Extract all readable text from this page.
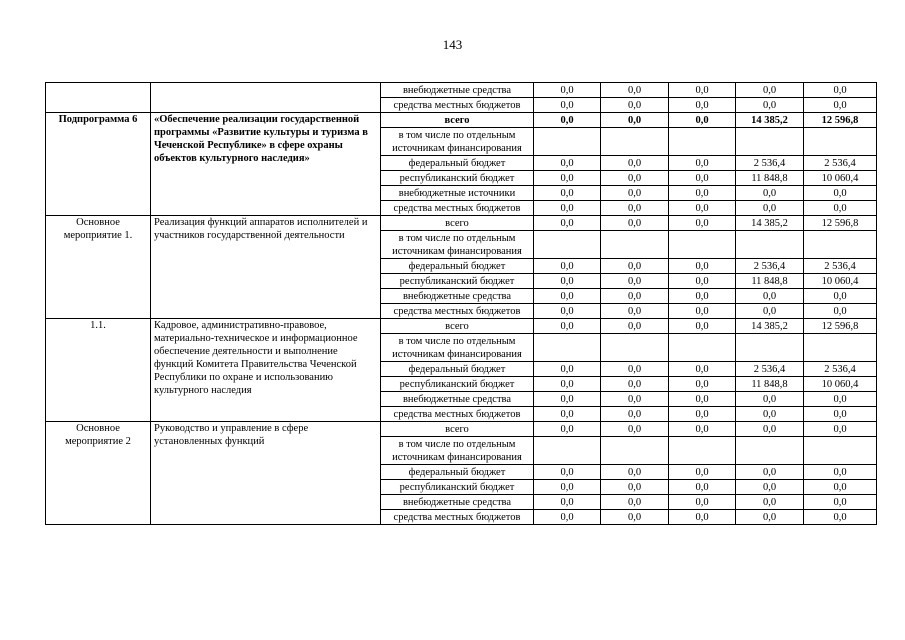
143
		внебюджетные средства	0,0	0,0	0,0	0,0	0,0
		средства местных бюджетов	0,0	0,0	0,0	0,0	0,0
Подпрограмма 6	«Обеспечение реализации государственной программы «Развитие культуры и туризма в Чеченской Республике» в сфере охраны объектов культурного наследия»	всего	0,0	0,0	0,0	14 385,2	12 596,8

		в том числе по отдельным
источникам финансирования					

		федеральный бюджет	0,0	0,0	0,0	2 536,4	2 536,4
		республиканский бюджет	0,0	0,0	0,0	11 848,8	10 060,4
		внебюджетные источники	0,0	0,0	0,0	0,0	0,0
		средства местных бюджетов	0,0	0,0	0,0	0,0	0,0

Основное
мероприятие 1.	Реализация функций аппаратов исполнителей и участников государственной деятельности	всего	0,0	0,0	0,0	14 385,2	12 596,8

		в том числе по отдельным
источникам финансирования					

		федеральный бюджет	0,0	0,0	0,0	2 536,4	2 536,4
		республиканский бюджет	0,0	0,0	0,0	11 848,8	10 060,4
		внебюджетные средства	0,0	0,0	0,0	0,0	0,0
		средства местных бюджетов	0,0	0,0	0,0	0,0	0,0
1.1.	Кадровое, административно-правовое, материально-техническое и информационное обеспечение деятельности и выполнение функций Комитета Правительства Чеченской Республики по охране и использованию культурного наследия	всего	0,0	0,0	0,0	14 385,2	12 596,8

		в том числе по отдельным
источникам финансирования					

		федеральный бюджет	0,0	0,0	0,0	2 536,4	2 536,4
		республиканский бюджет	0,0	0,0	0,0	11 848,8	10 060,4
		внебюджетные средства	0,0	0,0	0,0	0,0	0,0
		средства местных бюджетов	0,0	0,0	0,0	0,0	0,0

Основное
мероприятие 2	Руководство и управление в сфере установленных функций	всего	0,0	0,0	0,0	0,0	0,0

		в том числе по отдельным
источникам финансирования					

		федеральный бюджет	0,0	0,0	0,0	0,0	0,0
		республиканский бюджет	0,0	0,0	0,0	0,0	0,0
		внебюджетные средства	0,0	0,0	0,0	0,0	0,0
		средства местных бюджетов	0,0	0,0	0,0	0,0	0,0
